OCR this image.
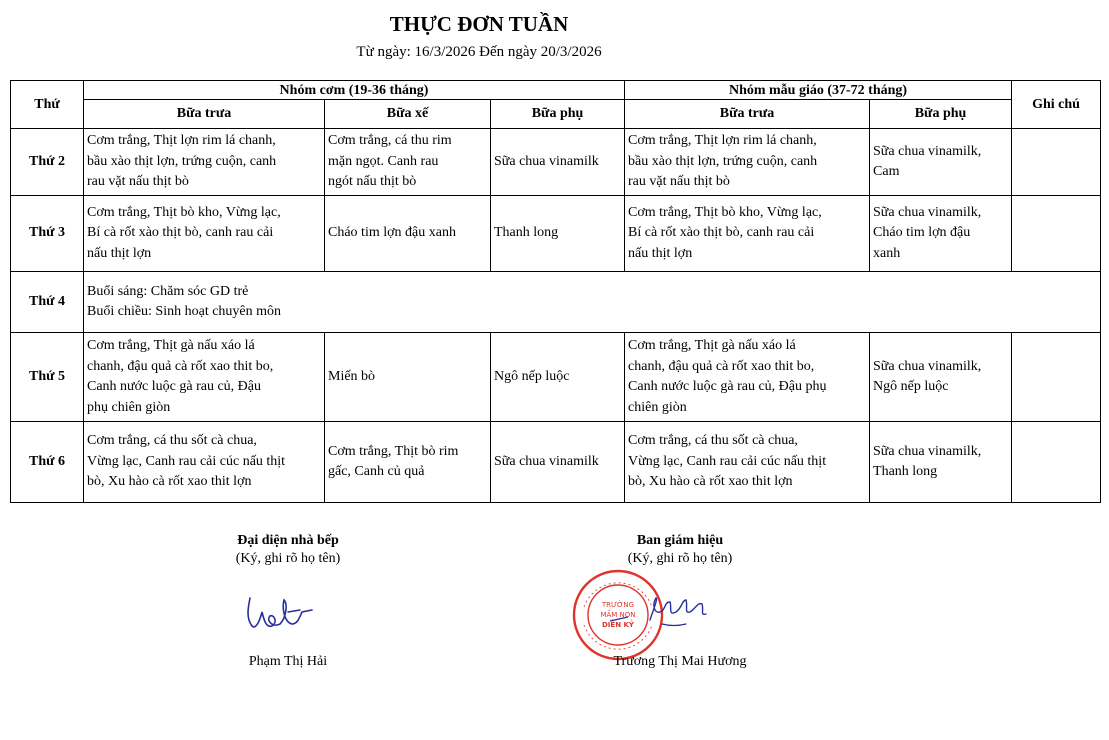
THỰC ĐƠN TUẦN
Từ ngày: 16/3/2026 Đến ngày 20/3/2026
Thứ	Nhóm cơm (19-36 tháng)			Nhóm mẫu giáo (37-72 tháng)		Ghi chú
	Bữa trưa	Bữa xế	Bữa phụ	Bữa trưa	Bữa phụ	
Thứ 2	Cơm trắng, Thịt lợn rim lá chanh,
bầu xào thịt lợn, trứng cuộn, canh
rau vặt nấu thịt bò	Cơm trắng, cá thu rim
mặn ngọt. Canh rau
ngót nấu thịt bò	Sữa chua vinamilk	Cơm trắng, Thịt lợn rim lá chanh,
bầu xào thịt lợn, trứng cuộn, canh
rau vặt nấu thịt bò	Sữa chua vinamilk,
Cam	

Thứ 3	Cơm trắng, Thịt bò kho, Vừng lạc,
Bí cà rốt xào thịt bò, canh rau cải
nấu thịt lợn	Cháo tim lợn đậu xanh	Thanh long	Cơm trắng, Thịt bò kho, Vừng lạc,
Bí cà rốt xào thịt bò, canh rau cải
nấu thịt lợn	Sữa chua vinamilk,
Cháo tim lợn đậu
xanh	

Thứ 4	Buổi sáng: Chăm sóc GD trẻ
Buổi chiều: Sinh hoạt chuyên môn					

Thứ 5	Cơm trắng, Thịt gà nấu xáo lá
chanh, đậu quả cà rốt xao thit bo,
Canh nước luộc gà rau củ, Đậu
phụ chiên giòn	Miến bò	Ngô nếp luộc	Cơm trắng, Thịt gà nấu xáo lá
chanh, đậu quả cà rốt xao thit bo,
Canh nước luộc gà rau củ, Đậu phụ
chiên giòn	Sữa chua vinamilk,
Ngô nếp luộc	

Thứ 6	Cơm trắng, cá thu sốt cà chua,
Vừng lạc, Canh rau cải cúc nấu thịt
bò, Xu hào cà rốt xao thit lợn	Cơm trắng, Thịt bò rim
gấc, Canh củ quả	Sữa chua vinamilk	Cơm trắng, cá thu sốt cà chua,
Vừng lạc, Canh rau cải cúc nấu thịt
bò, Xu hào cà rốt xao thit lợn	Sữa chua vinamilk,
Thanh long	

Đại diện nhà bếp
(Ký, ghi rõ họ tên)
Ban giám hiệu
(Ký, ghi rõ họ tên)
TRƯỜNG
MẦM NON
DIỄN KỶ
Phạm Thị Hải	Trương Thị Mai Hương
